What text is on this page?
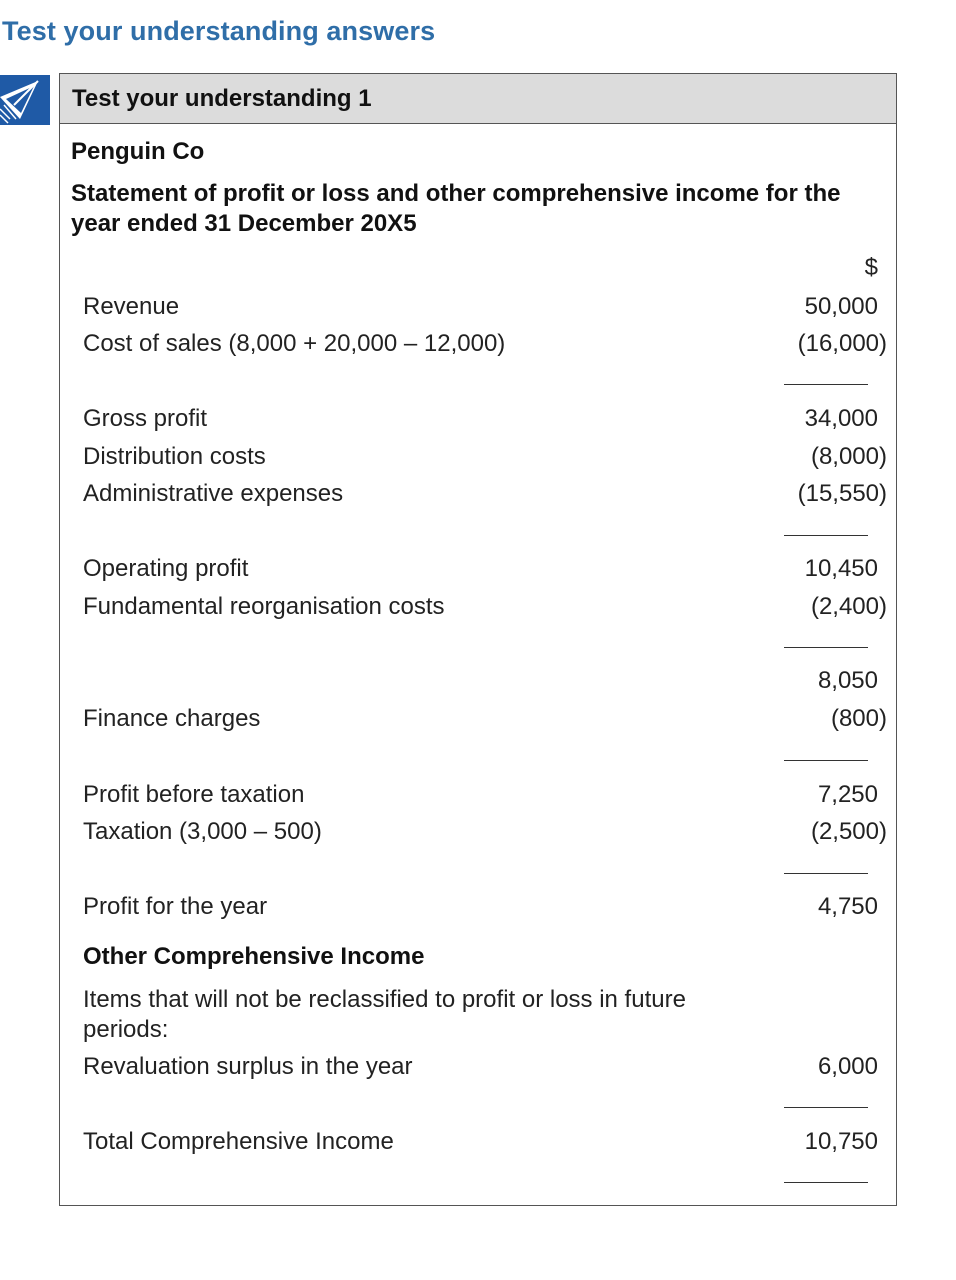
Test your understanding answers
Test your understanding 1
Penguin Co
Statement of profit or loss and other comprehensive income for the year ended 31 December 20X5
$
Revenue	50,000
Cost of sales (8,000 + 20,000 – 12,000)	(16,000)
Gross profit	34,000
Distribution costs	(8,000)
Administrative expenses	(15,550)
Operating profit	10,450
Fundamental reorganisation costs	(2,400)
8,050
Finance charges	(800)
Profit before taxation	7,250
Taxation (3,000 – 500)	(2,500)
Profit for the year	4,750
Other Comprehensive Income
Items that will not be reclassified to profit or loss in future periods:
Revaluation surplus in the year	6,000
Total Comprehensive Income	10,750
